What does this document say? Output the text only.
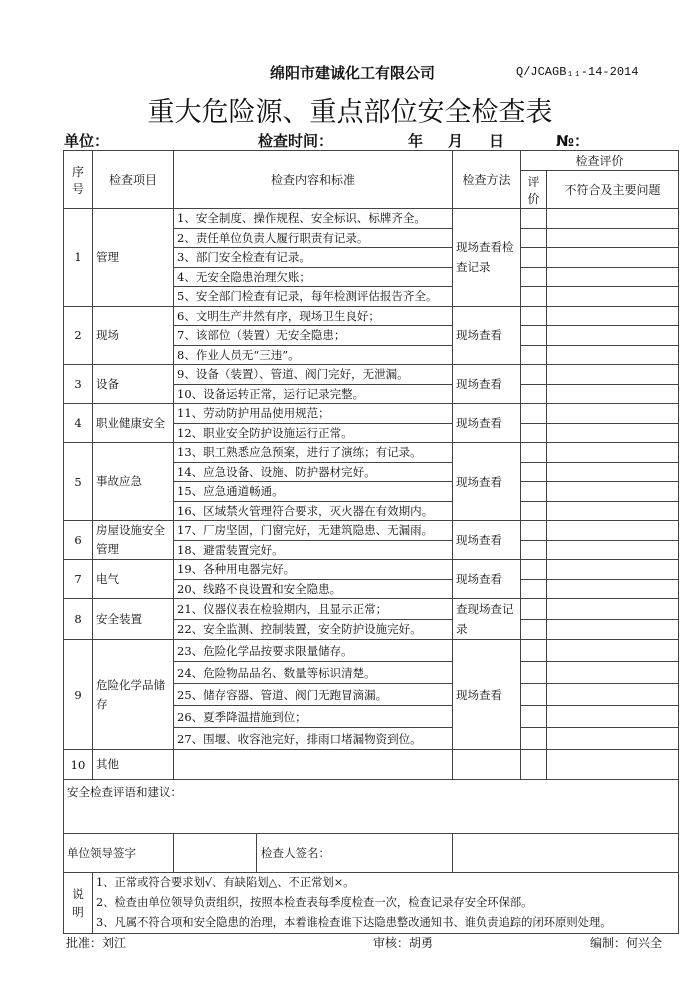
绵阳市建诚化工有限公司	Q/JCAGB₁₁-14-2014
重大危险源、重点部位安全检查表
单位：	检查时间：	年 月 日	№：
序号	检查项目	检查内容和标准	检查方法	检查评价	
				评价	不符合及主要问题
1	管理	1、安全制度、操作规程、安全标识、标牌齐全。	现场查看检查记录		
		2、责任单位负责人履行职责有记录。			
		3、部门安全检查有记录。			
		4、无安全隐患治理欠账；			
		5、安全部门检查有记录，每年检测评估报告齐全。			
2	现场	6、文明生产井然有序，现场卫生良好；	现场查看		
		7、该部位（装置）无安全隐患；			
		8、作业人员无“三违”。			
3	设备	9、设备（装置）、管道、阀门完好，无泄漏。	现场查看		
		10、设备运转正常，运行记录完整。			
4	职业健康安全	11、劳动防护用品使用规范；	现场查看		
		12、职业安全防护设施运行正常。			
5	事故应急	13、职工熟悉应急预案，进行了演练；有记录。	现场查看		
		14、应急设备、设施、防护器材完好。			
		15、应急通道畅通。			
		16、区域禁火管理符合要求，灭火器在有效期内。			
6	房屋设施安全管理	17、厂房坚固，门窗完好，无建筑隐患、无漏雨。	现场查看		
		18、避雷装置完好。			
7	电气	19、各种用电器完好。	现场查看		
		20、线路不良设置和安全隐患。			
8	安全装置	21、仪器仪表在检验期内，且显示正常；	查现场查记录		
		22、安全监测、控制装置，安全防护设施完好。			
9	危险化学品储存	23、危险化学品按要求限量储存。	现场查看		
		24、危险物品品名、数量等标识清楚。			
		25、储存容器、管道、阀门无跑冒滴漏。			
		26、夏季降温措施到位；			
		27、围堰、收容池完好，排雨口堵漏物资到位。			
10	其他				
安全检查评语和建议：					
单位领导签字		检查人签名：			

说明	1、正常或符合要求划√、有缺陷划△、不正常划×。
2、检查由单位领导负责组织，按照本检查表每季度检查一次，检查记录存安全环保部。
3、凡属不符合项和安全隐患的治理，本着谁检查谁下达隐患整改通知书、谁负责追踪的闭环原则处理。				
批准：刘江	审核：胡勇	编制：何兴全
